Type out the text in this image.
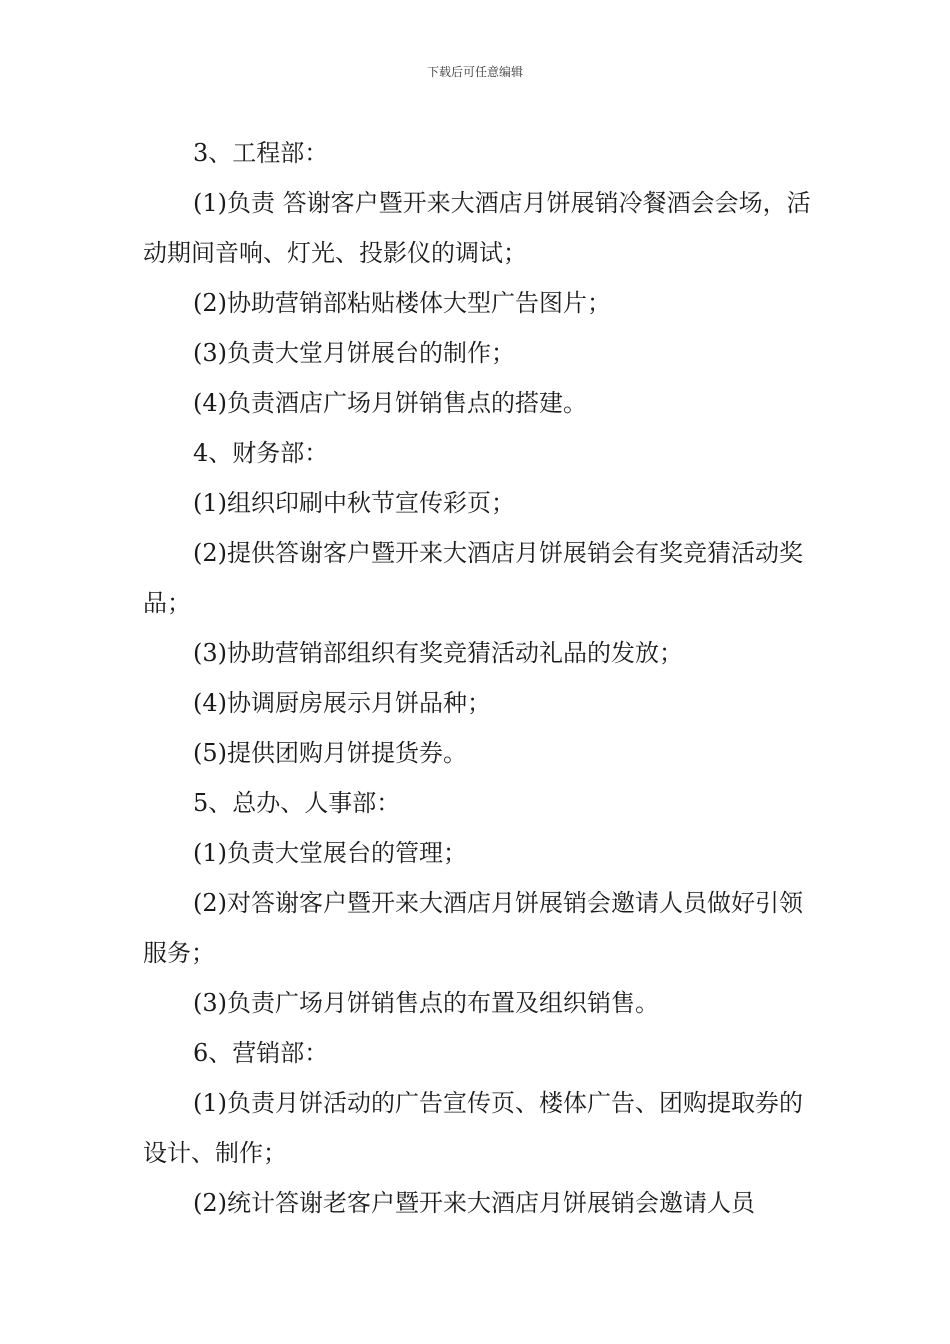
下载后可任意编辑

3、工程部：

(1)负责 答谢客户暨开来大酒店月饼展销冷餐酒会会场，活动期间音响、灯光、投影仪的调试；

(2)协助营销部粘贴楼体大型广告图片；

(3)负责大堂月饼展台的制作；

(4)负责酒店广场月饼销售点的搭建。

4、财务部：

(1)组织印刷中秋节宣传彩页；

(2)提供答谢客户暨开来大酒店月饼展销会有奖竞猜活动奖品；

(3)协助营销部组织有奖竞猜活动礼品的发放；

(4)协调厨房展示月饼品种；

(5)提供团购月饼提货券。

5、总办、人事部：

(1)负责大堂展台的管理；

(2)对答谢客户暨开来大酒店月饼展销会邀请人员做好引领服务；

(3)负责广场月饼销售点的布置及组织销售。

6、营销部：

(1)负责月饼活动的广告宣传页、楼体广告、团购提取券的设计、制作；

(2)统计答谢老客户暨开来大酒店月饼展销会邀请人员
